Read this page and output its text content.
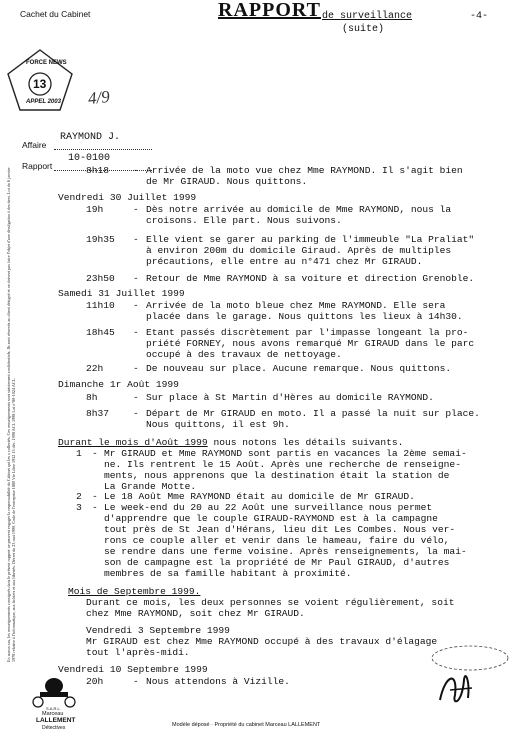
Cachet du Cabinet	RAPPORT de surveillance
(suite)
-4-
FORCE NEWS
13
APPEL 2003 4/9
Affaire
RAYMOND J.
Rapport
10-0100
En aucun cas, les renseignements consignés dans le présent rapport ne peuvent engager la responsabilité du Cabinet qui les a collectés. Ces renseignements sont strictement confidentiels. Ils sont réservés au client désigné et ne doivent pas faire l'objet d'une divulgation à des tiers. Loi du 6 janvier 1978 relative à l'informatique, aux fichiers et aux libertés. Décret du 23 mai 1990. Code de l'entreprise 1880 Vie Libre 1932 13 déc. 1998 ACL 1998 Loi n°80-1024 ACL.
8h18 - Arrivée de la moto vue chez Mme RAYMOND. Il s'agit bien
de Mr GIRAUD. Nous quittons.
Vendredi 30 Juillet 1999
19h	- Dès notre arrivée au domicile de Mme RAYMOND, nous la
croisons. Elle part. Nous suivons.
19h35 - Elle vient se garer au parking de l'immeuble "La Praliat"
à environ 200m du domicile Giraud. Après de multiples
précautions, elle entre au n°471 chez Mr GIRAUD.
23h50 - Retour de Mme RAYMOND à sa voiture et direction Grenoble.
Samedi 31 Juillet 1999
11h10 - Arrivée de la moto bleue chez Mme RAYMOND. Elle sera
placée dans le garage. Nous quittons les lieux à 14h30.
18h45 - Etant passés discrètement par l'impasse longeant la pro-
priété FORNEY, nous avons remarqué Mr GIRAUD dans le parc
occupé à des travaux de nettoyage.
22h	- De nouveau sur place. Aucune remarque. Nous quittons.
Dimanche 1r Août 1999
8h	- Sur place à St Martin d'Hères au domicile RAYMOND.
8h37 - Départ de Mr GIRAUD en moto. Il a passé la nuit sur place.
Nous quittons, il est 9h.
Durant le mois d'Août 1999 nous notons les détails suivants.
1 - Mr GIRAUD et Mme RAYMOND sont partis en vacances la 2ème semai-
ne. Ils rentrent le 15 Août. Après une recherche de renseigne-
ments, nous apprenons que la destination était la station de
La Grande Motte.
2 - Le 18 Août Mme RAYMOND était au domicile de Mr GIRAUD.
3 - Le week-end du 20 au 22 Août une surveillance nous permet
d'apprendre que le couple GIRAUD-RAYMOND est à la campagne
tout près de St Jean d'Hérans, lieu dit Les Combes. Nous ver-
rons ce couple aller et venir dans le hameau, faire du vélo,
se rendre dans une ferme voisine. Après renseignements, la mai-
son de campagne est la propriété de Mr Paul GIRAUD, d'autres
membres de sa famille habitant à proximité.
Mois de Septembre 1999.
Durant ce mois, les deux personnes se voient régulièrement, soit
chez Mme RAYMOND, soit chez Mr GIRAUD.
Vendredi 3 Septembre 1999
Mr GIRAUD est chez Mme RAYMOND occupé à des travaux d'élagage
tout l'après-midi.
Vendredi 10 Septembre 1999
20h	- Nous attendons à Vizille.
S.A.R.L.
Marceau
LALLEMENT
Détectives	Modèle déposé · Propriété du cabinet Marceau LALLEMENT
